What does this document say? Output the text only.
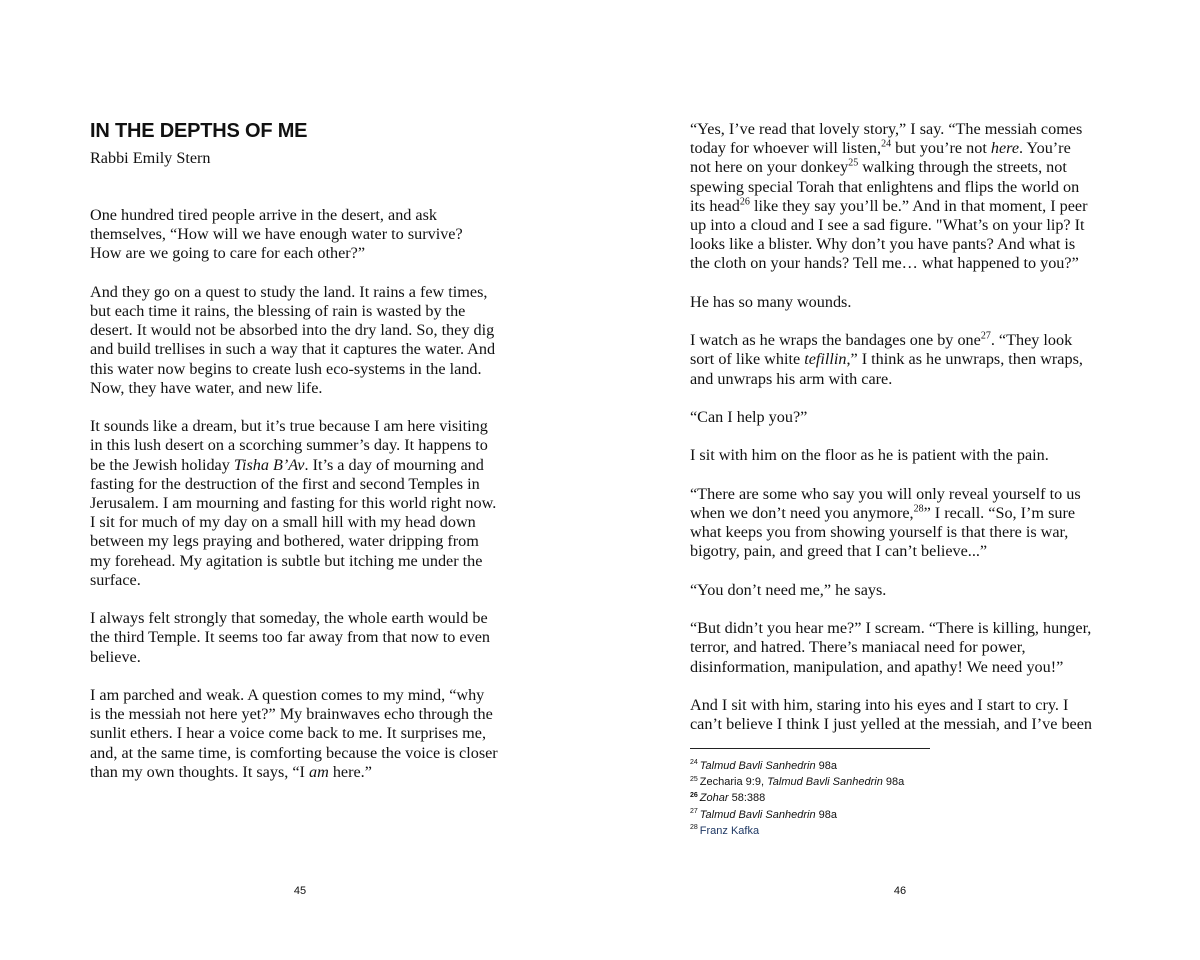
IN THE DEPTHS OF ME
Rabbi Emily Stern

One hundred tired people arrive in the desert, and ask
themselves, “How will we have enough water to survive?
How are we going to care for each other?”

And they go on a quest to study the land. It rains a few times,
but each time it rains, the blessing of rain is wasted by the
desert. It would not be absorbed into the dry land. So, they dig
and build trellises in such a way that it captures the water. And
this water now begins to create lush eco-systems in the land.
Now, they have water, and new life.

It sounds like a dream, but it’s true because I am here visiting
in this lush desert on a scorching summer’s day. It happens to
be the Jewish holiday Tisha B’Av. It’s a day of mourning and
fasting for the destruction of the first and second Temples in
Jerusalem. I am mourning and fasting for this world right now.
I sit for much of my day on a small hill with my head down
between my legs praying and bothered, water dripping from
my forehead. My agitation is subtle but itching me under the
surface.

I always felt strongly that someday, the whole earth would be
the third Temple. It seems too far away from that now to even
believe.

I am parched and weak. A question comes to my mind, “why
is the messiah not here yet?” My brainwaves echo through the
sunlit ethers. I hear a voice come back to me. It surprises me,
and, at the same time, is comforting because the voice is closer
than my own thoughts. It says, “I am here.”

45

“Yes, I’ve read that lovely story,” I say. “The messiah comes
today for whoever will listen,$^{24}$ but you’re not here. You’re
not here on your donkey$^{25}$ walking through the streets, not
spewing special Torah that enlightens and flips the world on
its head$^{26}$ like they say you’ll be.” And in that moment, I peer
up into a cloud and I see a sad figure. "What’s on your lip? It
looks like a blister. Why don’t you have pants? And what is
the cloth on your hands? Tell me… what happened to you?”

He has so many wounds.

I watch as he wraps the bandages one by one$^{27}$. “They look
sort of like white tefillin,” I think as he unwraps, then wraps,
and unwraps his arm with care.

“Can I help you?”

I sit with him on the floor as he is patient with the pain.

“There are some who say you will only reveal yourself to us
when we don’t need you anymore,$^{28}$” I recall. “So, I’m sure
what keeps you from showing yourself is that there is war,
bigotry, pain, and greed that I can’t believe...”

“You don’t need me,” he says.

“But didn’t you hear me?” I scream. “There is killing, hunger,
terror, and hatred. There’s maniacal need for power,
disinformation, manipulation, and apathy! We need you!”

And I sit with him, staring into his eyes and I start to cry. I
can’t believe I think I just yelled at the messiah, and I’ve been

$^{24}$ Talmud Bavli Sanhedrin 98a
$^{25}$ Zecharia 9:9, Talmud Bavli Sanhedrin 98a
$^{26}$ Zohar 58:388
$^{27}$ Talmud Bavli Sanhedrin 98a
$^{28}$ Franz Kafka
46
